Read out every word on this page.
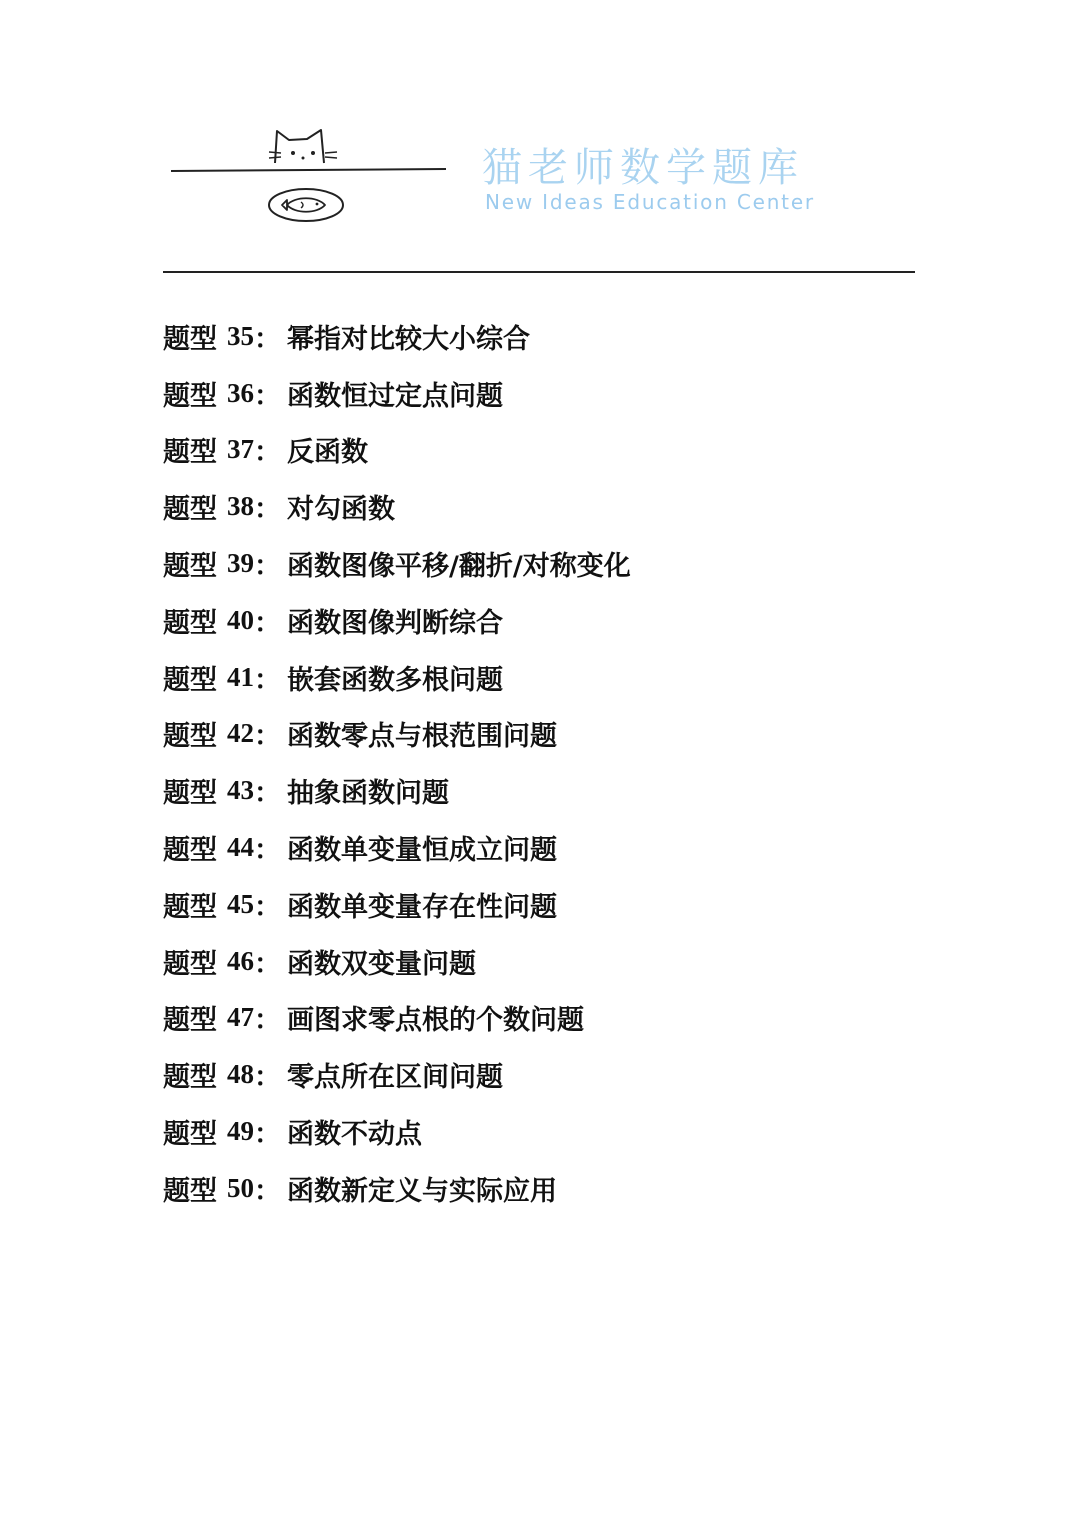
猫老师数学题库
New Ideas Education Center
题型 35 ： 幂指对比较大小综合
题型 36 ： 函数恒过定点问题
题型 37 ： 反函数
题型 38 ： 对勾函数
题型 39 ： 函数图像平移/翻折/对称变化
题型 40 ： 函数图像判断综合
题型 41 ： 嵌套函数多根问题
题型 42 ： 函数零点与根范围问题
题型 43 ： 抽象函数问题
题型 44 ： 函数单变量恒成立问题
题型 45 ： 函数单变量存在性问题
题型 46 ： 函数双变量问题
题型 47 ： 画图求零点根的个数问题
题型 48 ： 零点所在区间问题
题型 49 ： 函数不动点
题型 50 ： 函数新定义与实际应用
